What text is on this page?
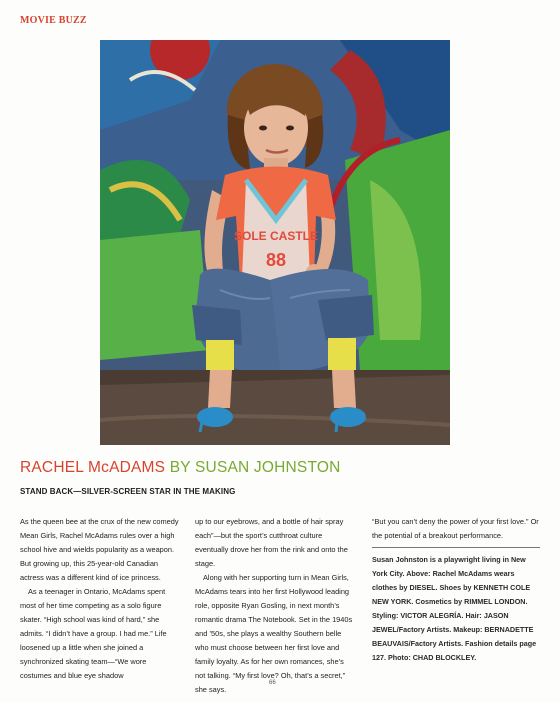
MOVIE BUZZ
SOLE CASTLE
88
RACHEL McADAMS BY SUSAN JOHNSTON
STAND BACK—SILVER-SCREEN STAR IN THE MAKING

As the queen bee at the crux of the new comedy Mean Girls, Rachel McAdams rules over a high school hive and wields popularity as a weapon. But growing up, this 25-year-old Canadian actress was a different kind of ice princess.

As a teenager in Ontario, McAdams spent most of her time competing as a solo figure skater. “High school was kind of hard,” she admits. “I didn’t have a group. I had me.” Life loosened up a little when she joined a synchronized skating team—“We wore costumes and blue eye shadow

up to our eyebrows, and a bottle of hair spray each”—but the sport’s cutthroat culture eventually drove her from the rink and onto the stage.

Along with her supporting turn in Mean Girls, McAdams tears into her first Hollywood leading role, opposite Ryan Gosling, in next month’s romantic drama The Notebook. Set in the 1940s and ’50s, she plays a wealthy Southern belle who must choose between her first love and family loyalty. As for her own romances, she’s not talking. “My first love? Oh, that’s a secret,” she says.

“But you can’t deny the power of your first love.” Or the potential of a breakout performance.

Susan Johnston is a playwright living in New York City. Above: Rachel McAdams wears clothes by DIESEL. Shoes by KENNETH COLE NEW YORK. Cosmetics by RIMMEL LONDON. Styling: VICTOR ALEGRÍA. Hair: JASON JEWEL/Factory Artists. Makeup: BERNADETTE BEAUVAIS/Factory Artists. Fashion details page 127. Photo: CHAD BLOCKLEY.
66
